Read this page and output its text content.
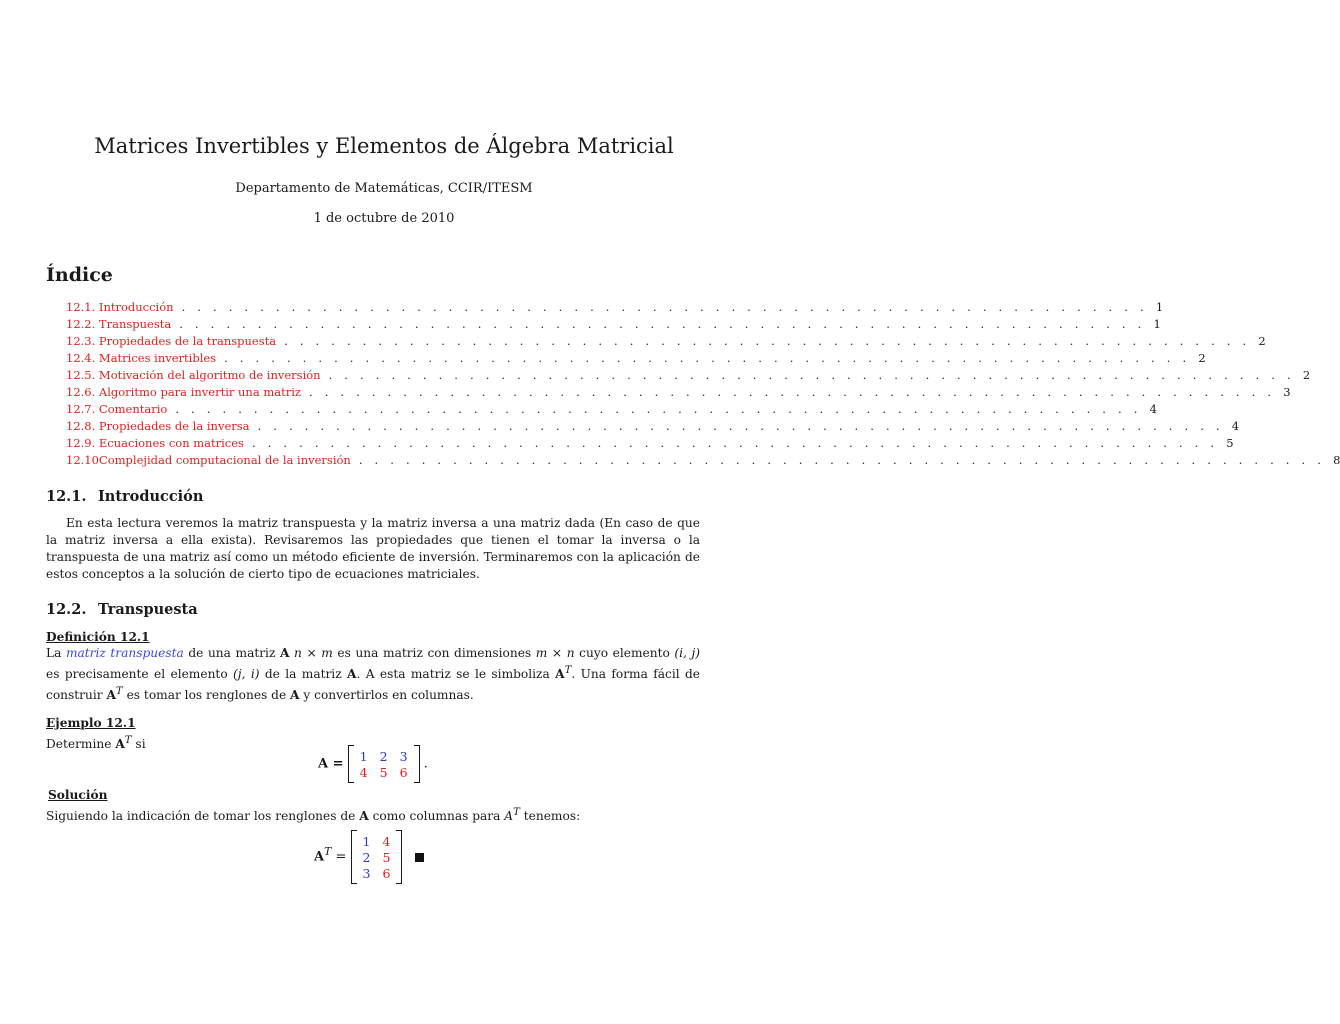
Matrices Invertibles y Elementos de Álgebra Matricial
Departamento de Matemáticas, CCIR/ITESM
1 de octubre de 2010
Índice
12.1. Introducción . . . . . . . . . . . . . . . . . . . . . . . . . . . . . . . . . . . . . . . . . . . . . . . . . . . . . . . . . . . . . . 1
12.2. Transpuesta . . . . . . . . . . . . . . . . . . . . . . . . . . . . . . . . . . . . . . . . . . . . . . . . . . . . . . . . . . . . . . 1
12.3. Propiedades de la transpuesta . . . . . . . . . . . . . . . . . . . . . . . . . . . . . . . . . . . . . . . . . . . . . . . . . . . . . . . . . . . . . . 2
12.4. Matrices invertibles . . . . . . . . . . . . . . . . . . . . . . . . . . . . . . . . . . . . . . . . . . . . . . . . . . . . . . . . . . . . . . 2
12.5. Motivación del algoritmo de inversión . . . . . . . . . . . . . . . . . . . . . . . . . . . . . . . . . . . . . . . . . . . . . . . . . . . . . . . . . . . . . . 2
12.6. Algoritmo para invertir una matriz . . . . . . . . . . . . . . . . . . . . . . . . . . . . . . . . . . . . . . . . . . . . . . . . . . . . . . . . . . . . . . 3
12.7. Comentario . . . . . . . . . . . . . . . . . . . . . . . . . . . . . . . . . . . . . . . . . . . . . . . . . . . . . . . . . . . . . . 4
12.8. Propiedades de la inversa . . . . . . . . . . . . . . . . . . . . . . . . . . . . . . . . . . . . . . . . . . . . . . . . . . . . . . . . . . . . . . 4
12.9. Ecuaciones con matrices . . . . . . . . . . . . . . . . . . . . . . . . . . . . . . . . . . . . . . . . . . . . . . . . . . . . . . . . . . . . . . 5
12.10Complejidad computacional de la inversión . . . . . . . . . . . . . . . . . . . . . . . . . . . . . . . . . . . . . . . . . . . . . . . . . . . . . . . . . . . . . . 8
12.1. Introducción
En esta lectura veremos la matriz transpuesta y la matriz inversa a una matriz dada (En caso de que la matriz inversa a ella exista). Revisaremos las propiedades que tienen el tomar la inversa o la transpuesta de una matriz así como un método eficiente de inversión. Terminaremos con la aplicación de estos conceptos a la solución de cierto tipo de ecuaciones matriciales.
12.2. Transpuesta
Definición 12.1
La matriz transpuesta de una matriz A n × m es una matriz con dimensiones m × n cuyo elemento (i, j) es precisamente el elemento (j, i) de la matriz A. A esta matriz se le simboliza $A^T$. Una forma fácil de construir $A^T$ es tomar los renglones de A y convertirlos en columnas.
Ejemplo 12.1
Determine $A^T$ si
A =
1 2 3
4 5 6
.
Solución
Siguiendo la indicación de tomar los renglones de A como columnas para $A^T$ tenemos:
$A^T$ =
1 4
2 5
3 6
